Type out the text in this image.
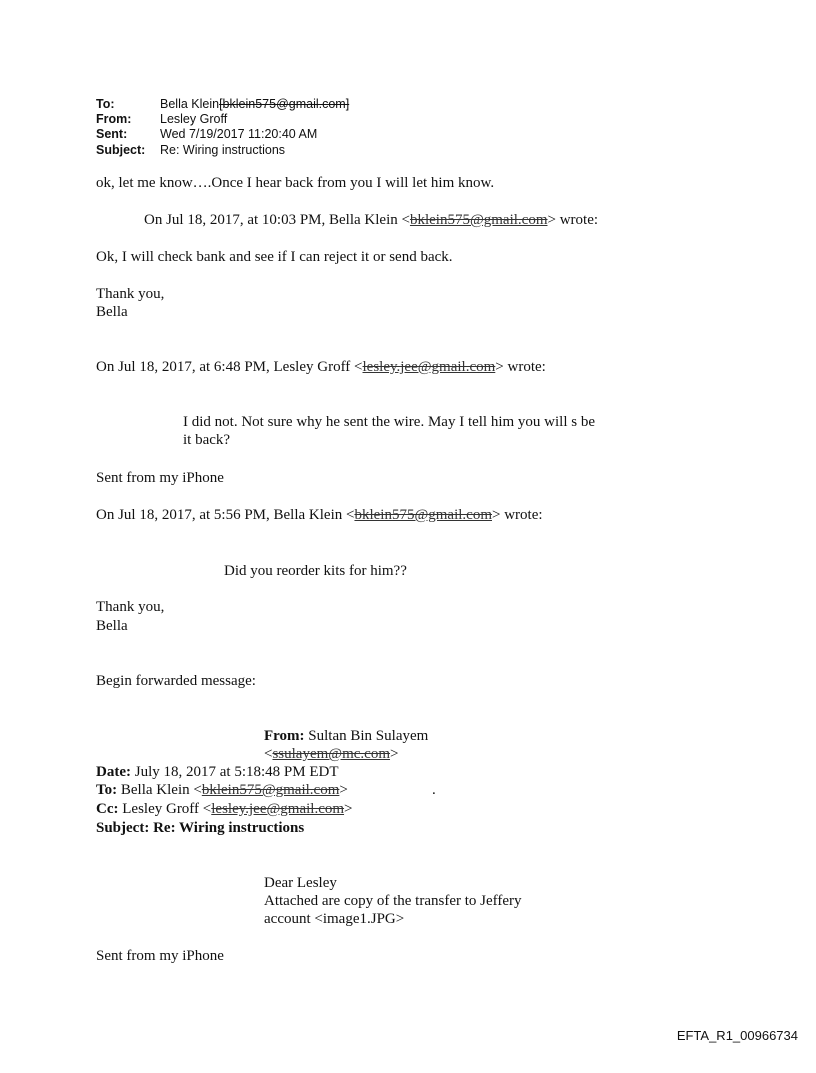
To:	Bella Klein[bklein575@gmail.com]
From: Lesley Groff
Sent:	Wed 7/19/2017 11:20:40 AM
Subject: Re: Wiring instructions
ok, let me know….Once I hear back from you I will let him know.
On Jul 18, 2017, at 10:03 PM, Bella Klein <bklein575@gmail.com> wrote:
Ok, I will check bank and see if I can reject it or send back.
Thank you,
Bella
On Jul 18, 2017, at 6:48 PM, Lesley Groff <lesley.jee@gmail.com> wrote:
I did not. Not sure why he sent the wire. May I tell him you will s be
it back?
Sent from my iPhone
On Jul 18, 2017, at 5:56 PM, Bella Klein <bklein575@gmail.com> wrote:
Did you reorder kits for him??
Thank you,
Bella
Begin forwarded message:
From: Sultan Bin Sulayem
<ssulayem@mc.com>
Date: July 18, 2017 at 5:18:48 PM EDT
To: Bella Klein <bklein575@gmail.com>	.
Cc: Lesley Groff <lesley.jee@gmail.com>
Subject: Re: Wiring instructions
Dear Lesley
Attached are copy of the transfer to Jeffery
account <image1.JPG>
Sent from my iPhone
EFTA_R1_00966734
